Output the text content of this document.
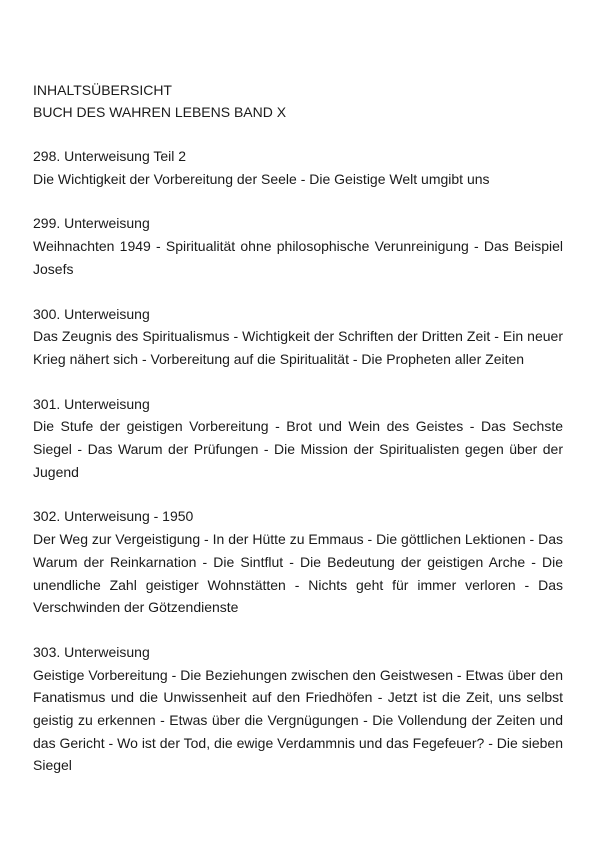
INHALTSÜBERSICHT

BUCH DES WAHREN LEBENS BAND X

298. Unterweisung Teil 2

Die Wichtigkeit der Vorbereitung der Seele - Die Geistige Welt umgibt uns

299. Unterweisung

Weihnachten 1949 - Spiritualität ohne philosophische Verunreinigung - Das Beispiel Josefs

300. Unterweisung

Das Zeugnis des Spiritualismus - Wichtigkeit der Schriften der Dritten Zeit - Ein neuer Krieg nähert sich - Vorbereitung auf die Spiritualität - Die Propheten aller Zeiten

301. Unterweisung

Die Stufe der geistigen Vorbereitung - Brot und Wein des Geistes - Das Sechste Siegel - Das Warum der Prüfungen - Die Mission der Spiritualisten gegen über der Jugend

302. Unterweisung - 1950

Der Weg zur Vergeistigung - In der Hütte zu Emmaus - Die göttlichen Lektionen - Das Warum der Reinkarnation - Die Sintflut - Die Bedeutung der geistigen Arche - Die unendliche Zahl geistiger Wohnstätten - Nichts geht für immer verloren - Das Verschwinden der Götzendienste

303. Unterweisung

Geistige Vorbereitung - Die Beziehungen zwischen den Geistwesen - Etwas über den Fanatismus und die Unwissenheit auf den Friedhöfen - Jetzt ist die Zeit, uns selbst geistig zu erkennen - Etwas über die Vergnügungen - Die Vollendung der Zeiten und das Gericht - Wo ist der Tod, die ewige Verdammnis und das Fegefeuer? - Die sieben Siegel
